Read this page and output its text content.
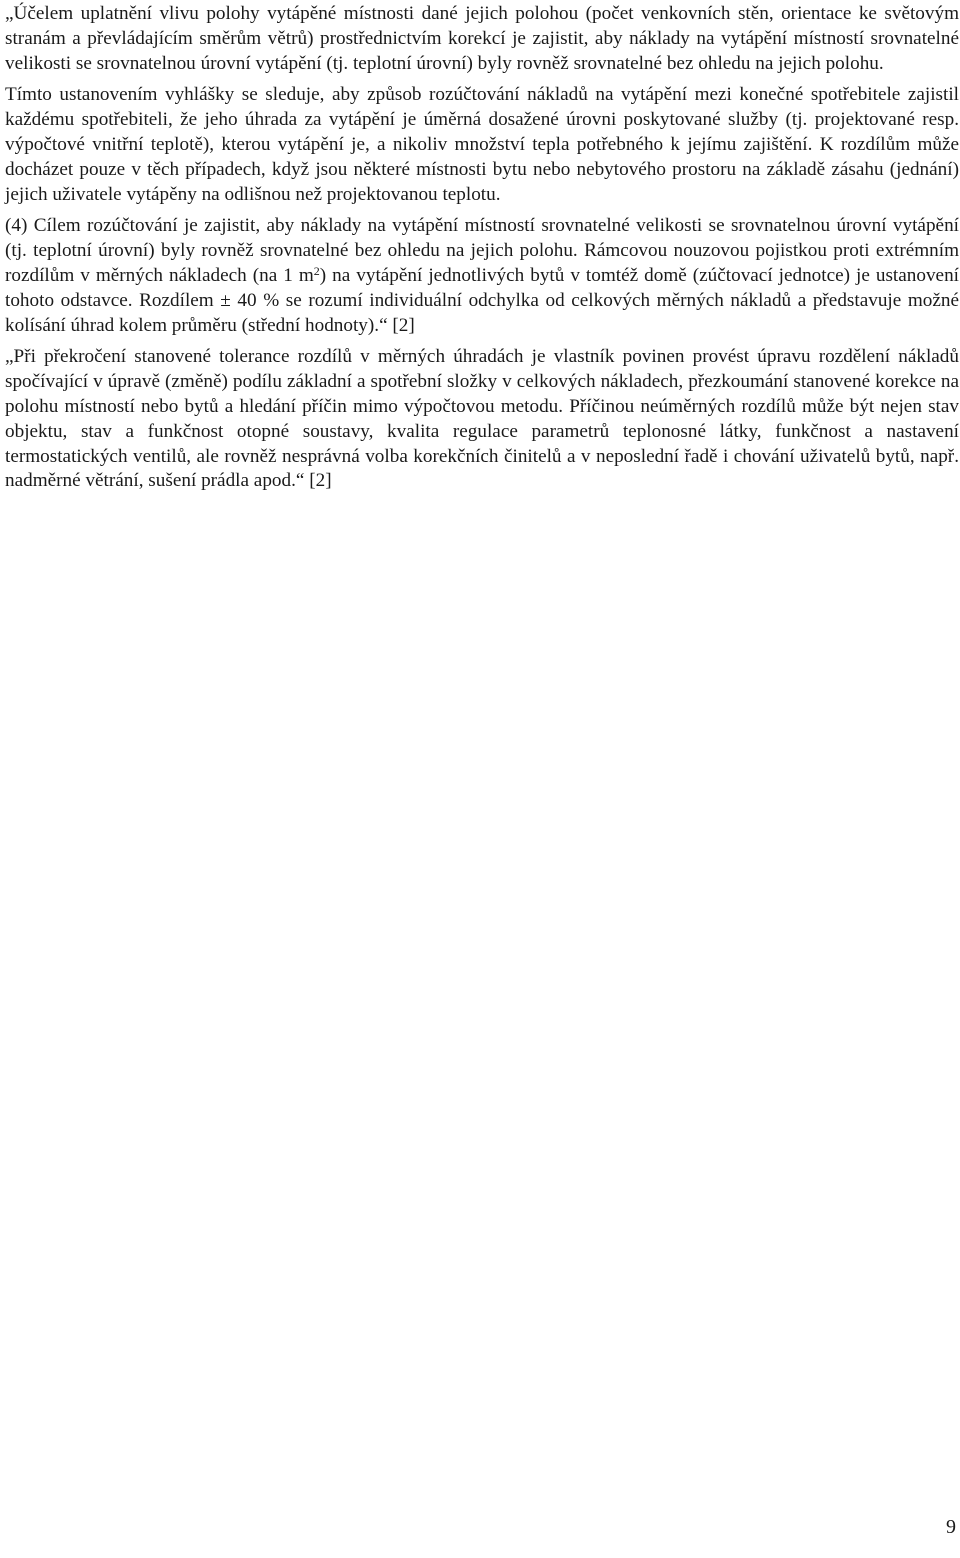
„Účelem uplatnění vlivu polohy vytápěné místnosti dané jejich polohou (počet venkovních stěn, orientace ke světovým stranám a převládajícím směrům větrů) prostřednictvím korekcí je zajistit, aby náklady na vytápění místností srovnatelné velikosti se srovnatelnou úrovní vytápění (tj. teplotní úrovní) byly rovněž srovnatelné bez ohledu na jejich polohu.

Tímto ustanovením vyhlášky se sleduje, aby způsob rozúčtování nákladů na vytápění mezi konečné spotřebitele zajistil každému spotřebiteli, že jeho úhrada za vytápění je úměrná dosažené úrovni poskytované služby (tj. projektované resp. výpočtové vnitřní teplotě), kterou vytápění je, a nikoliv množství tepla potřebného k jejímu zajištění. K rozdílům může docházet pouze v těch případech, když jsou některé místnosti bytu nebo nebytového prostoru na základě zásahu (jednání) jejich uživatele vytápěny na odlišnou než projektovanou teplotu.

(4) Cílem rozúčtování je zajistit, aby náklady na vytápění místností srovnatelné velikosti se srovnatelnou úrovní vytápění (tj. teplotní úrovní) byly rovněž srovnatelné bez ohledu na jejich polohu. Rámcovou nouzovou pojistkou proti extrémním rozdílům v měrných nákladech (na 1 $m^2$) na vytápění jednotlivých bytů v tomtéž domě (zúčtovací jednotce) je ustanovení tohoto odstavce. Rozdílem ± 40 % se rozumí individuální odchylka od celkových měrných nákladů a představuje možné kolísání úhrad kolem průměru (střední hodnoty).“ [2]

„Při překročení stanovené tolerance rozdílů v měrných úhradách je vlastník povinen provést úpravu rozdělení nákladů spočívající v úpravě (změně) podílu základní a spotřební složky v celkových nákladech, přezkoumání stanovené korekce na polohu místností nebo bytů a hledání příčin mimo výpočtovou metodu. Příčinou neúměrných rozdílů může být nejen stav objektu, stav a funkčnost otopné soustavy, kvalita regulace parametrů teplonosné látky, funkčnost a nastavení termostatických ventilů, ale rovněž nesprávná volba korekčních činitelů a v neposlední řadě i chování uživatelů bytů, např. nadměrné větrání, sušení prádla apod.“ [2]

9
